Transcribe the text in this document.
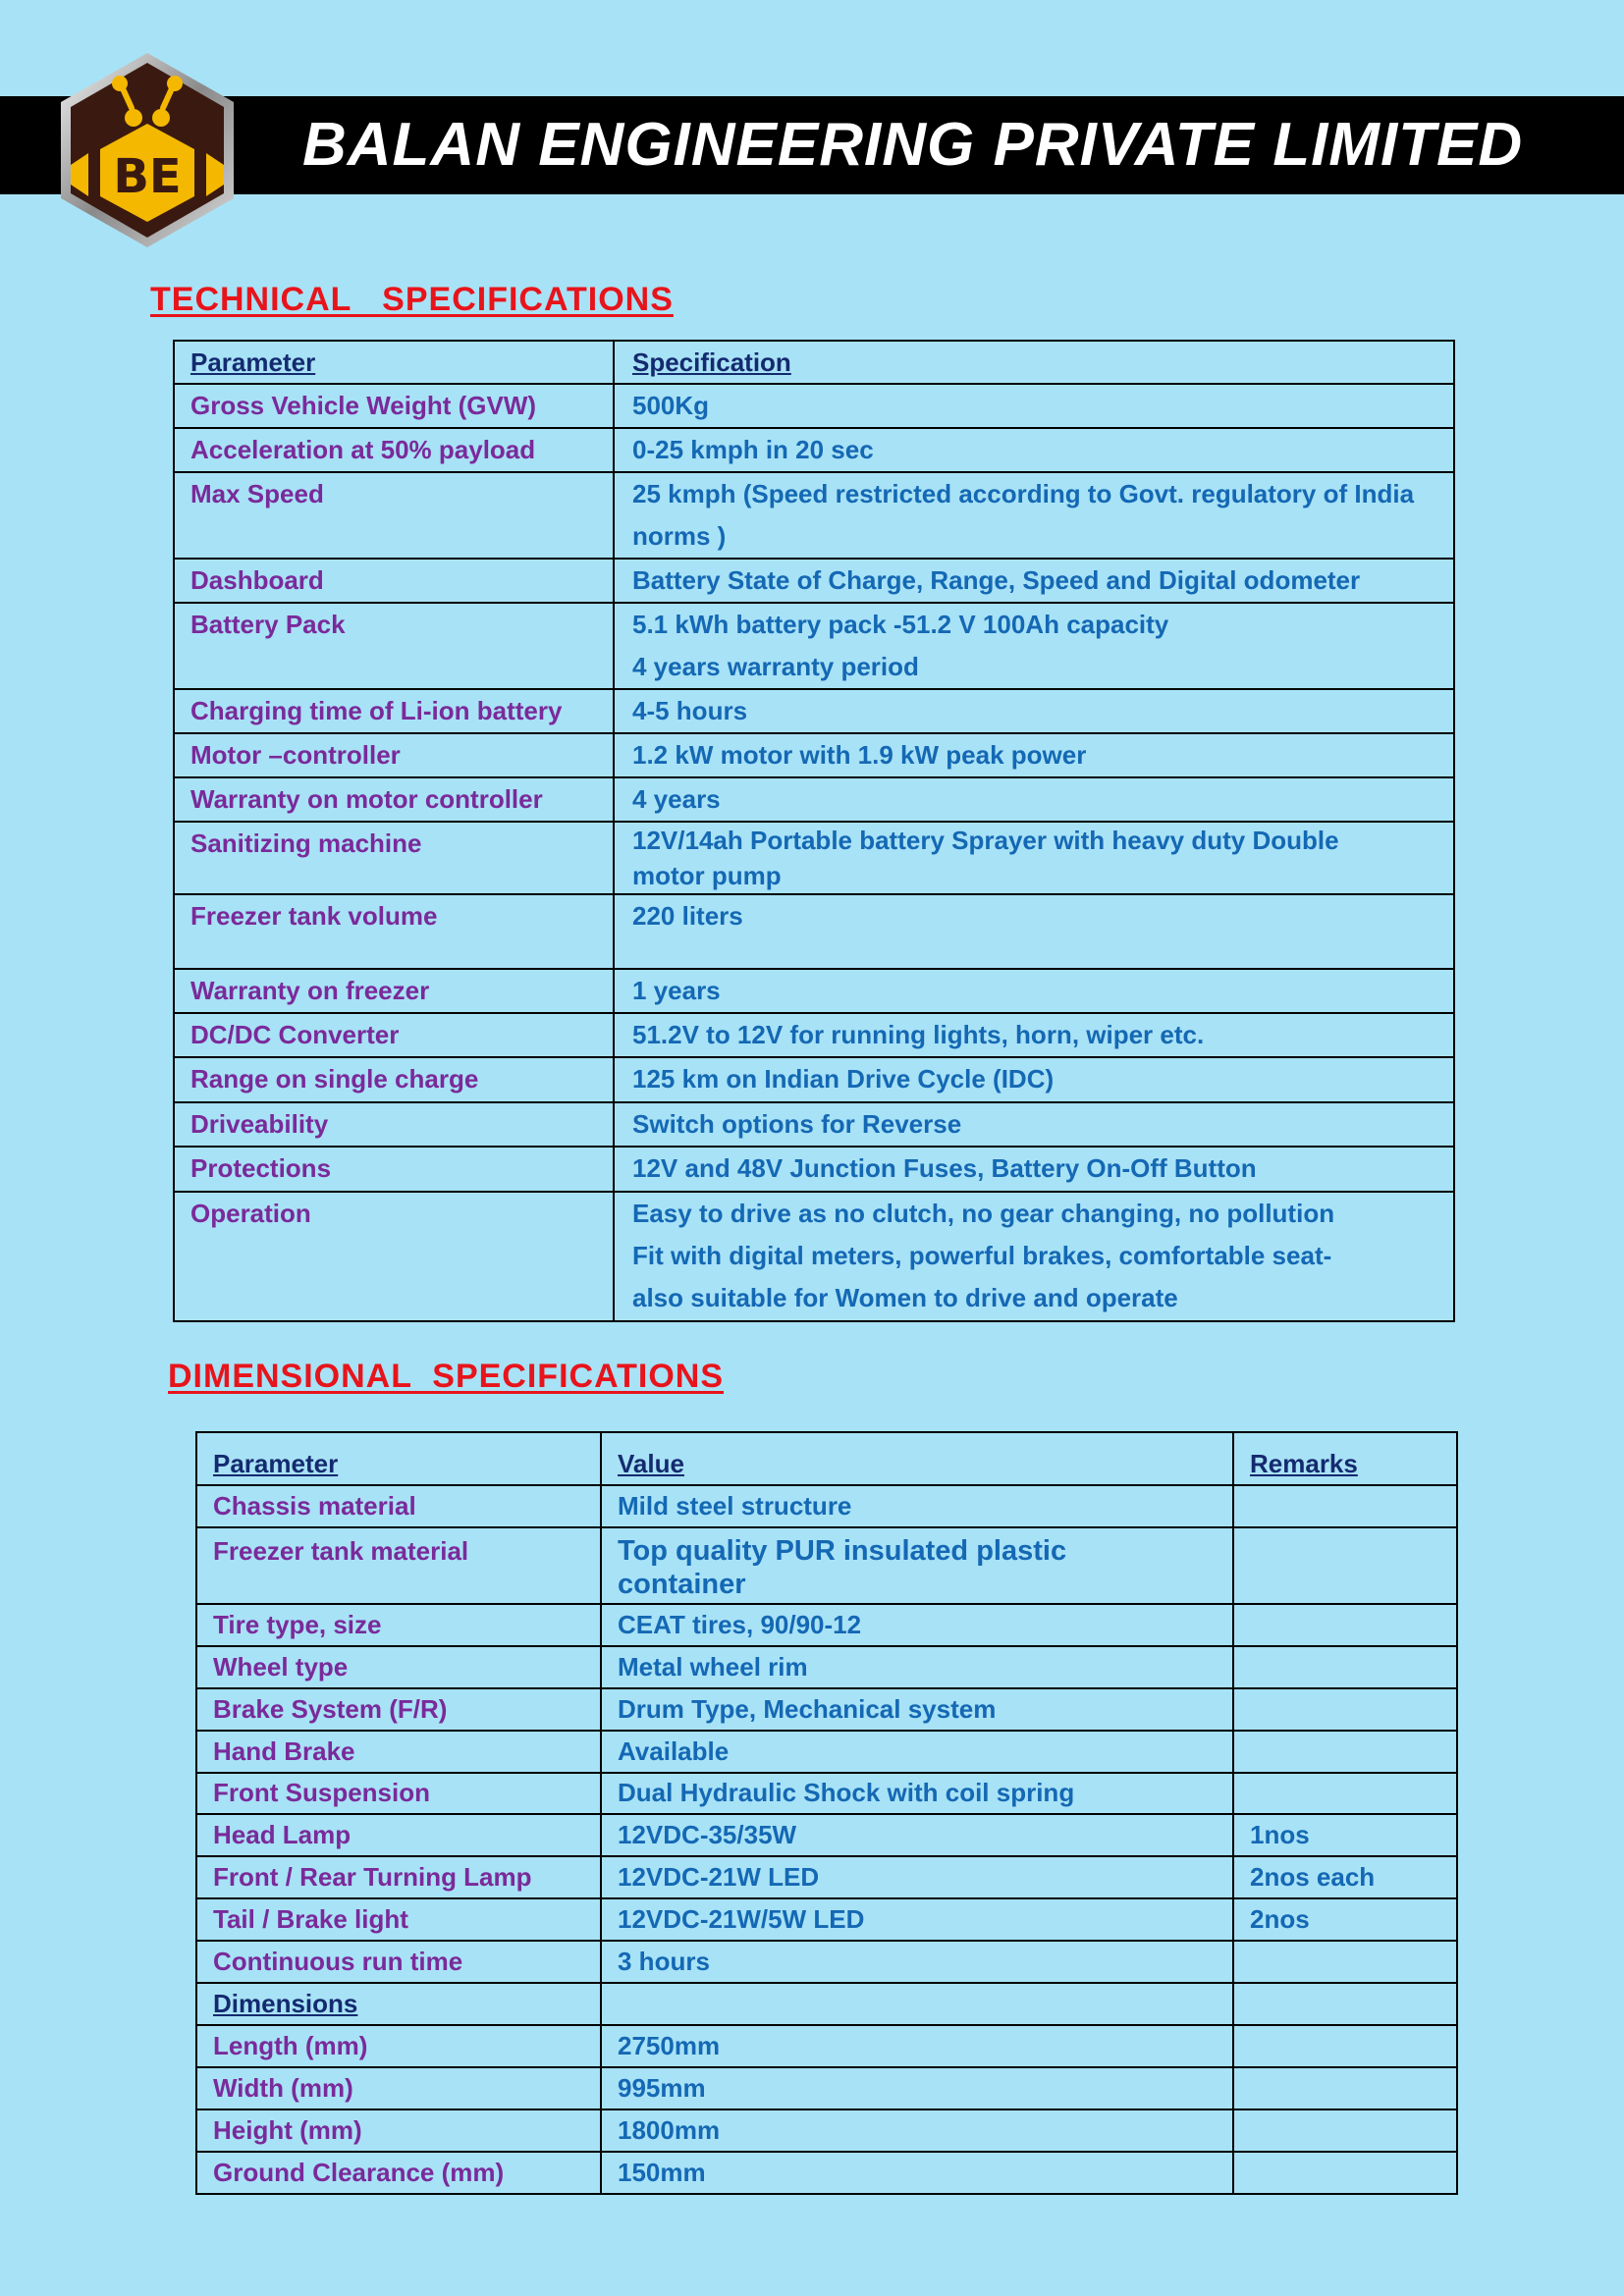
BALAN ENGINEERING PRIVATE LIMITED
BE
TECHNICAL   SPECIFICATIONS
Parameter	Specification
Gross Vehicle Weight (GVW)	500Kg

Acceleration at 50% payload	0-25 kmph in 20 sec

Max Speed	25 kmph (Speed restricted according to Govt. regulatory of India
norms )

Dashboard	Battery State of Charge, Range, Speed and Digital odometer

Battery Pack	5.1 kWh battery pack -51.2 V 100Ah capacity
4 years warranty period

Charging time of Li-ion battery	4-5 hours

Motor –controller	1.2 kW motor with 1.9 kW peak power

Warranty on motor controller	4 years

Sanitizing machine	12V/14ah Portable battery Sprayer with heavy duty Double
motor pump

Freezer tank volume	220 liters

Warranty on freezer	1 years

DC/DC Converter	51.2V to 12V for running lights, horn, wiper etc.

Range on single charge	125 km on Indian Drive Cycle (IDC)

Driveability	Switch options for Reverse

Protections	12V and 48V Junction Fuses, Battery On-Off Button

Operation	Easy to drive as no clutch, no gear changing, no pollution
Fit with digital meters, powerful brakes, comfortable seat-
also suitable for Women to drive and operate
DIMENSIONAL  SPECIFICATIONS
Parameter	Value	Remarks
Chassis material	Mild steel structure	
Freezer tank material	Top quality PUR insulated plastic container	
Tire type, size	CEAT tires, 90/90-12	
Wheel type	Metal wheel rim	
Brake System (F/R)	Drum Type, Mechanical system	
Hand Brake	Available	
Front Suspension	Dual Hydraulic Shock with coil spring	
Head Lamp	12VDC-35/35W	1nos
Front / Rear Turning Lamp	12VDC-21W LED	2nos each
Tail / Brake light	12VDC-21W/5W LED	2nos
Continuous run time	3 hours	
Dimensions		
Length (mm)	2750mm	
Width (mm)	995mm	
Height (mm)	1800mm	
Ground Clearance (mm)	150mm	
